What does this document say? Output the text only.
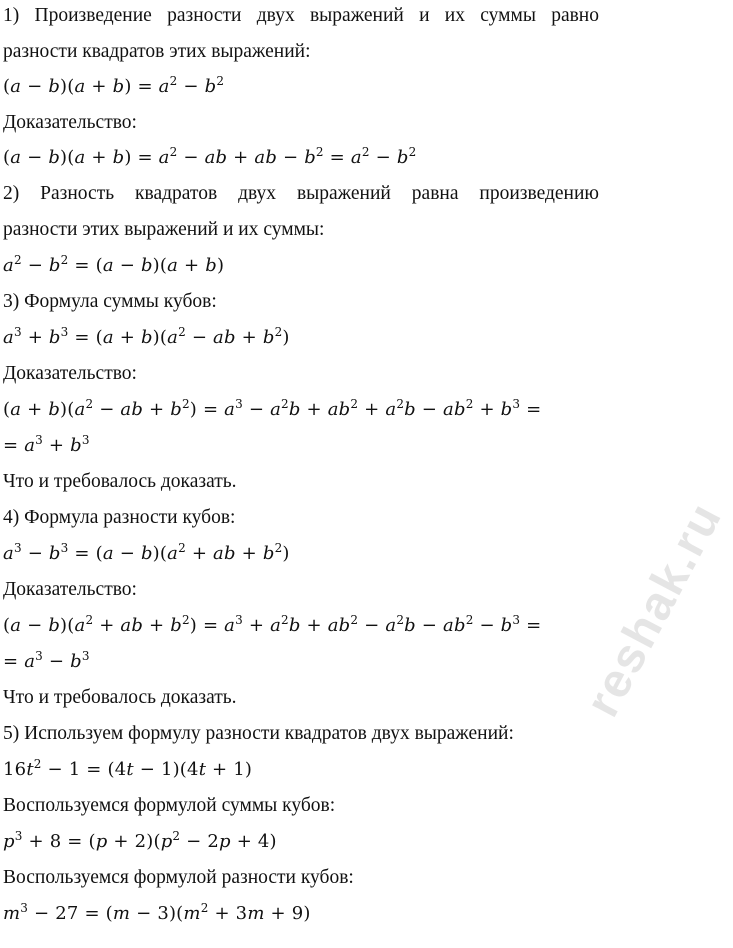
1) Произведение разности двух выражений и их суммы равно
разности квадратов этих выражений:
$(a - b)(a + b) = a^2 - b^2$
Доказательство:
$(a - b)(a + b) = a^2$ − ab + ab − $b^2 = a^2 - b^2$
2) Разность квадратов двух выражений равна произведению
разности этих выражений и их суммы:
$a^2 - b^2 = (a - b)(a + b)$
3) Формула суммы кубов:
$a^3 + b^3 = (a + b)(a^2$ − ab + $b^2$)
Доказательство:
$(a + b)(a^2$ − ab + $b^2) = a^3 - a^2b + ab^2 + a^2b - ab^2 + b^3$ =
= $a^3 + b^3$
Что и требовалось доказать.
4) Формула разности кубов:
$a^3 - b^3 = (a - b)(a^2$ + ab + $b^2$)
Доказательство:
$(a - b)(a^2$ + ab + $b^2) = a^3 + a^2b + ab^2 - a^2b - ab^2 - b^3$ =
= $a^3 - b^3$
Что и требовалось доказать.
5) Используем формулу разности квадратов двух выражений:
$16t^2 - 1 = (4t - 1)(4t + 1)$
Воспользуемся формулой суммы кубов:
$p^3 + 8 = (p + 2)(p^2 - 2p + 4)$
Воспользуемся формулой разности кубов:
$m^3 - 27 = (m - 3)(m^2 + 3m + 9)$
reshak.ru
